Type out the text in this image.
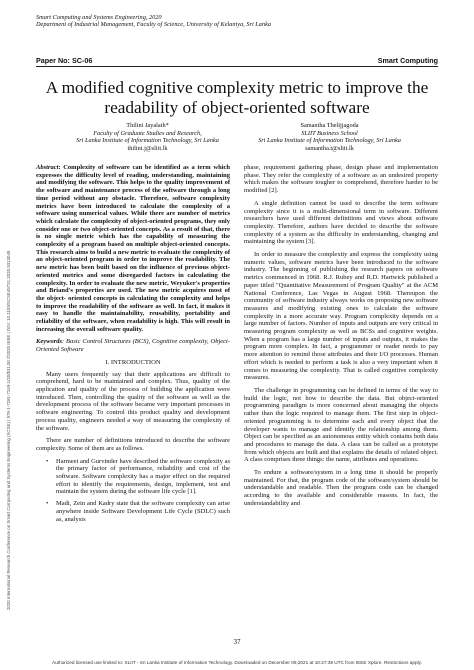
Smart Computing and Systems Engineering, 2020
Department of Industrial Management, Faculty of Science, University of Kelaniya, Sri Lanka
Paper No: SC-06	Smart Computing
A modified cognitive complexity metric to improve the readability of object-oriented software
Thilini Jayalath*
Faculty of Graduate Studies and Research,
Sri Lanka Institute of Information Technology, Sri Lanka
thilini.j@sliit.lk
Samantha Thelijjagoda
SLIIT Business School
Sri Lanka Institute of Information Technology, Sri Lanka
samantha.t@sliit.lk
2020 International Research Conference on Smart Computing and Systems Engineering (SCSE) | 978-1-7281-7249-1/20/$31.00 ©2020 IEEE | DOI: 10.1109/SCSE49731.2020.9313049

Abstract: Complexity of software can be identified as a term which expresses the difficulty level of reading, understanding, maintaining and modifying the software. This helps to the quality improvement of the software and maintenance process of the software through a long time period without any obstacle. Therefore, software complexity metrics have been introduced to calculate the complexity of a software using numerical values. While there are number of metrics which calculate the complexity of object-oriented programs, they only consider one or two object-oriented concepts. As a result of that, there is no single metric which has the capability of measuring the complexity of a program based on multiple object-oriented concepts. This research aims to build a new metric to evaluate the complexity of an object-oriented program in order to improve the readability. The new metric has been built based on the influence of previous object-oriented metrics and some disregarded factors in calculating the complexity. In order to evaluate the new metric, Weyuker's properties and Briand's properties are used. The new metric acquires most of the object- oriented concepts in calculating the complexity and helps to improve the readability of the software as well. In fact, it makes it easy to handle the maintainability, reusability, portability and reliability of the software, when readability is high. This will result in increasing the overall software quality.

Keywords: Basic Control Structures (BCS), Cognitive complexity, Object-Oriented Software

I. INTRODUCTION

Many users frequently say that their applications are difficult to comprehend, hard to be maintained and complex. Thus, quality of the application and quality of the process of building the application were introduced. Then, controlling the quality of the software as well as the development process of the software became very important processes in software engineering. To control this product quality and development process quality, engineers needed a way of measuring the complexity of the software.

There are number of definitions introduced to describe the software complexity. Some of them are as follows.

• Harmeet and Gurvinder have described the software complexity as the primary factor of performance, reliability and cost of the software. Software complexity has a major effect on the required effort to identify the requirements, design, implement, test and maintain the system during the software life cycle [1].
• Madi, Zein and Kadry state that the software complexity can arise anywhere inside Software Development Life Cycle (SDLC) such as, analysis

phase, requirement gathering phase, design phase and implementation phase. They refer the complexity of a software as an undesired property which makes the software tougher to comprehend, therefore harder to be modified [2].

A single definition cannot be used to describe the term software complexity since it is a multi-dimensional term in software. Different researchers have used different definitions and views about software complexity. Therefore, authors have decided to describe the software complexity of a system as the difficulty in understanding, changing and maintaining the system [3].

In order to measure the complexity and express the complexity using numeric values, software metrics have been introduced to the software industry. The beginning of publishing the research papers on software metrics commenced in 1968. R.J. Rubey and R.D. Hartwick published a paper titled "Quantitative Measurement of Program Quality" at the ACM National Conference, Las Vegas in August 1968. Thereupon the community of software industry always works on proposing new software measures and modifying existing ones to calculate the software complexity in a more accurate way. Program complexity depends on a large number of factors. Number of inputs and outputs are very critical in measuring program complexity as well as BCSs and cognitive weights. When a program has a large number of inputs and outputs, it makes the program more complex. In fact, a programmer or reader needs to pay more attention to remind those attributes and their I/O processes. Human effort which is needed to perform a task is also a very important when it comes to measuring the complexity. That is called cognitive complexity measures.

The challenge in programming can be defined in terms of the way to build the logic, not how to describe the data. But object-oriented programming paradigm is more concerned about managing the objects rather than the logic required to manage them. The first step in object-oriented programming is to determine each and every object that the developer wants to manage and identify the relationship among them. Object can be specified as an autonomous entity which contains both data and procedures to manage the data. A class can be called as a prototype from which objects are built and that explains the details of related object. A class comprises three things: the name, attributes and operations.

To endure a software/system in a long time it should be properly maintained. For that, the program code of the software/system should be understandable and readable. Then the program code can be changed according to the available and considerable reasons. In fact, the understandability and

37
Authorized licensed use limited to: SLIIT - Sri Lanka Institute of Information Technology. Downloaded on December 09,2021 at 10:27:38 UTC from IEEE Xplore. Restrictions apply.
